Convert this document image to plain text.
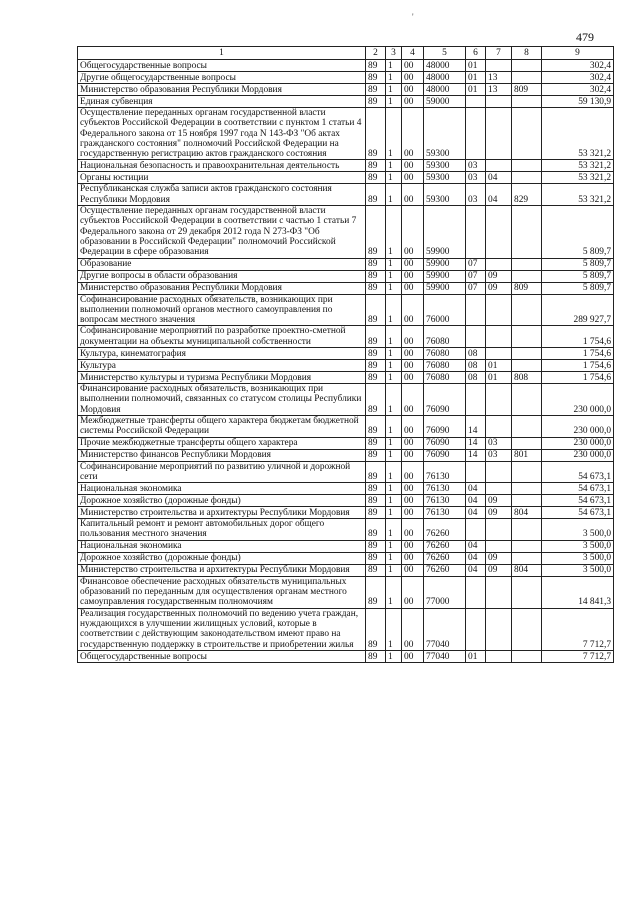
'
479
1	2	3	4	5	6	7	8	9
Общегосударственные вопросы	89	1	00	48000	01			302,4
Другие общегосударственные вопросы	89	1	00	48000	01	13		302,4
Министерство образования Республики Мордовия	89	1	00	48000	01	13	809	302,4
Единая субвенция	89	1	00	59000				59 130,9
Осуществление переданных органам государственной власти субъектов Российской Федерации в соответствии с пунктом 1 статьи 4 Федерального закона от 15 ноября 1997 года N 143-ФЗ "Об актах гражданского состояния" полномочий Российской Федерации на государственную регистрацию актов гражданского состояния	89	1	00	59300				53 321,2
Национальная безопасность и правоохранительная деятельность	89	1	00	59300	03			53 321,2
Органы юстиции	89	1	00	59300	03	04		53 321,2
Республиканская служба записи актов гражданского состояния Республики Мордовия	89	1	00	59300	03	04	829	53 321,2
Осуществление переданных органам государственной власти субъектов Российской Федерации в соответствии с частью 1 статьи 7 Федерального закона от 29 декабря 2012 года N 273-ФЗ "Об образовании в Российской Федерации" полномочий Российской Федерации в сфере образования	89	1	00	59900				5 809,7
Образование	89	1	00	59900	07			5 809,7
Другие вопросы в области образования	89	1	00	59900	07	09		5 809,7
Министерство образования Республики Мордовия	89	1	00	59900	07	09	809	5 809,7
Софинансирование расходных обязательств, возникающих при выполнении полномочий органов местного самоуправления по вопросам местного значения	89	1	00	76000				289 927,7
Софинансирование мероприятий по разработке проектно-сметной документации на объекты муниципальной собственности	89	1	00	76080				1 754,6
Культура, кинематография	89	1	00	76080	08			1 754,6
Культура	89	1	00	76080	08	01		1 754,6
Министерство культуры и туризма Республики Мордовия	89	1	00	76080	08	01	808	1 754,6
Финансирование расходных обязательств, возникающих при выполнении полномочий, связанных со статусом столицы Республики Мордовия	89	1	00	76090				230 000,0
Межбюджетные трансферты общего характера бюджетам бюджетной системы Российской Федерации	89	1	00	76090	14			230 000,0
Прочие межбюджетные трансферты общего характера	89	1	00	76090	14	03		230 000,0
Министерство финансов Республики Мордовия	89	1	00	76090	14	03	801	230 000,0
Софинансирование мероприятий по развитию уличной и дорожной сети	89	1	00	76130				54 673,1
Национальная экономика	89	1	00	76130	04			54 673,1
Дорожное хозяйство (дорожные фонды)	89	1	00	76130	04	09		54 673,1
Министерство строительства и архитектуры Республики Мордовия	89	1	00	76130	04	09	804	54 673,1
Капитальный ремонт и ремонт автомобильных дорог общего пользования местного значения	89	1	00	76260				3 500,0
Национальная экономика	89	1	00	76260	04			3 500,0
Дорожное хозяйство (дорожные фонды)	89	1	00	76260	04	09		3 500,0
Министерство строительства и архитектуры Республики Мордовия	89	1	00	76260	04	09	804	3 500,0
Финансовое обеспечение расходных обязательств муниципальных образований по переданным для осуществления органам местного самоуправления государственным полномочиям	89	1	00	77000				14 841,3
Реализация государственных полномочий по ведению учета граждан, нуждающихся в улучшении жилищных условий, которые в соответствии с действующим законодательством имеют право на государственную поддержку в строительстве и приобретении жилья	89	1	00	77040				7 712,7
Общегосударственные вопросы	89	1	00	77040	01			7 712,7
